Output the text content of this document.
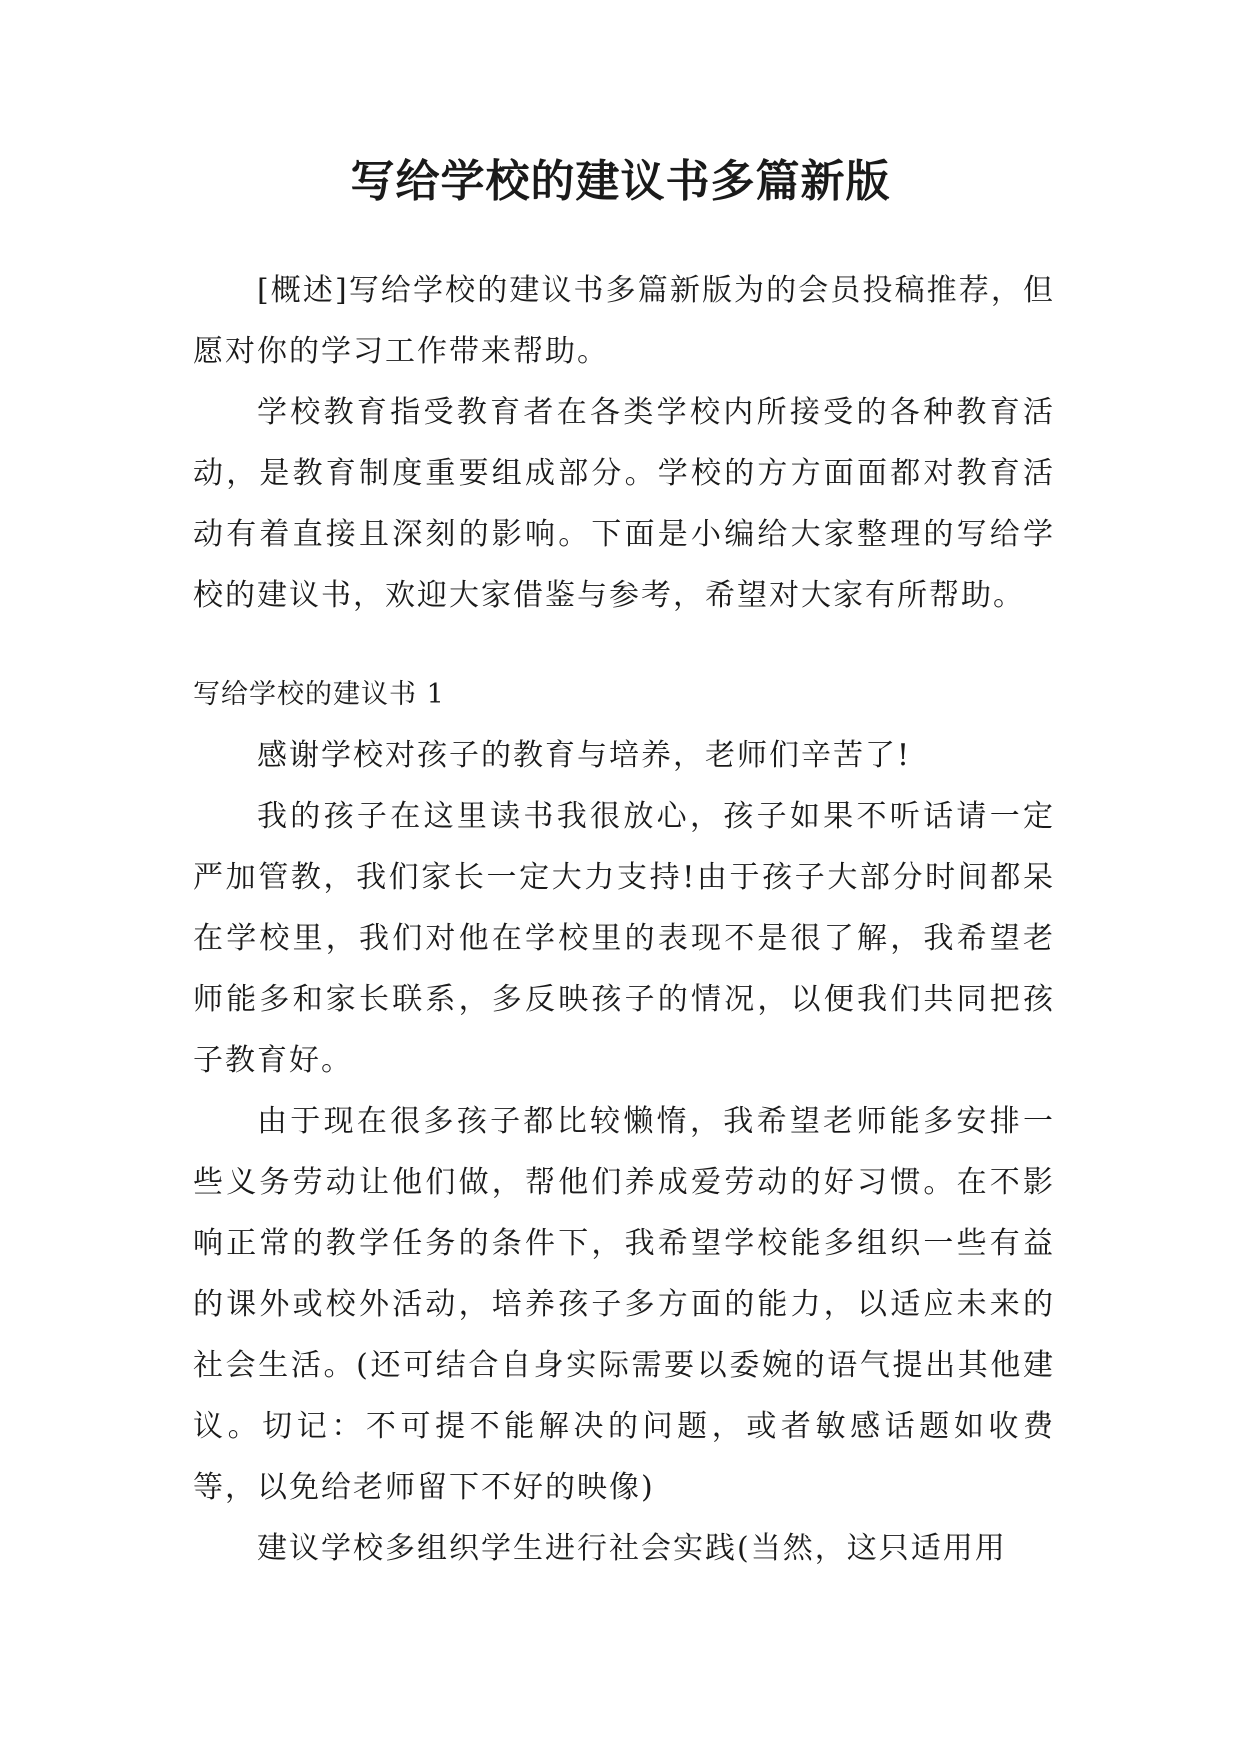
写给学校的建议书多篇新版

[概述]写给学校的建议书多篇新版为的会员投稿推荐，但愿对你的学习工作带来帮助。

学校教育指受教育者在各类学校内所接受的各种教育活动，是教育制度重要组成部分。学校的方方面面都对教育活动有着直接且深刻的影响。下面是小编给大家整理的写给学校的建议书，欢迎大家借鉴与参考，希望对大家有所帮助。

写给学校的建议书 1

感谢学校对孩子的教育与培养，老师们辛苦了!

我的孩子在这里读书我很放心，孩子如果不听话请一定严加管教，我们家长一定大力支持!由于孩子大部分时间都呆在学校里，我们对他在学校里的表现不是很了解，我希望老师能多和家长联系，多反映孩子的情况，以便我们共同把孩子教育好。

由于现在很多孩子都比较懒惰，我希望老师能多安排一些义务劳动让他们做，帮他们养成爱劳动的好习惯。在不影响正常的教学任务的条件下，我希望学校能多组织一些有益的课外或校外活动，培养孩子多方面的能力，以适应未来的社会生活。(还可结合自身实际需要以委婉的语气提出其他建议。切记：不可提不能解决的问题，或者敏感话题如收费等，以免给老师留下不好的映像)

建议学校多组织学生进行社会实践(当然，这只适用用
